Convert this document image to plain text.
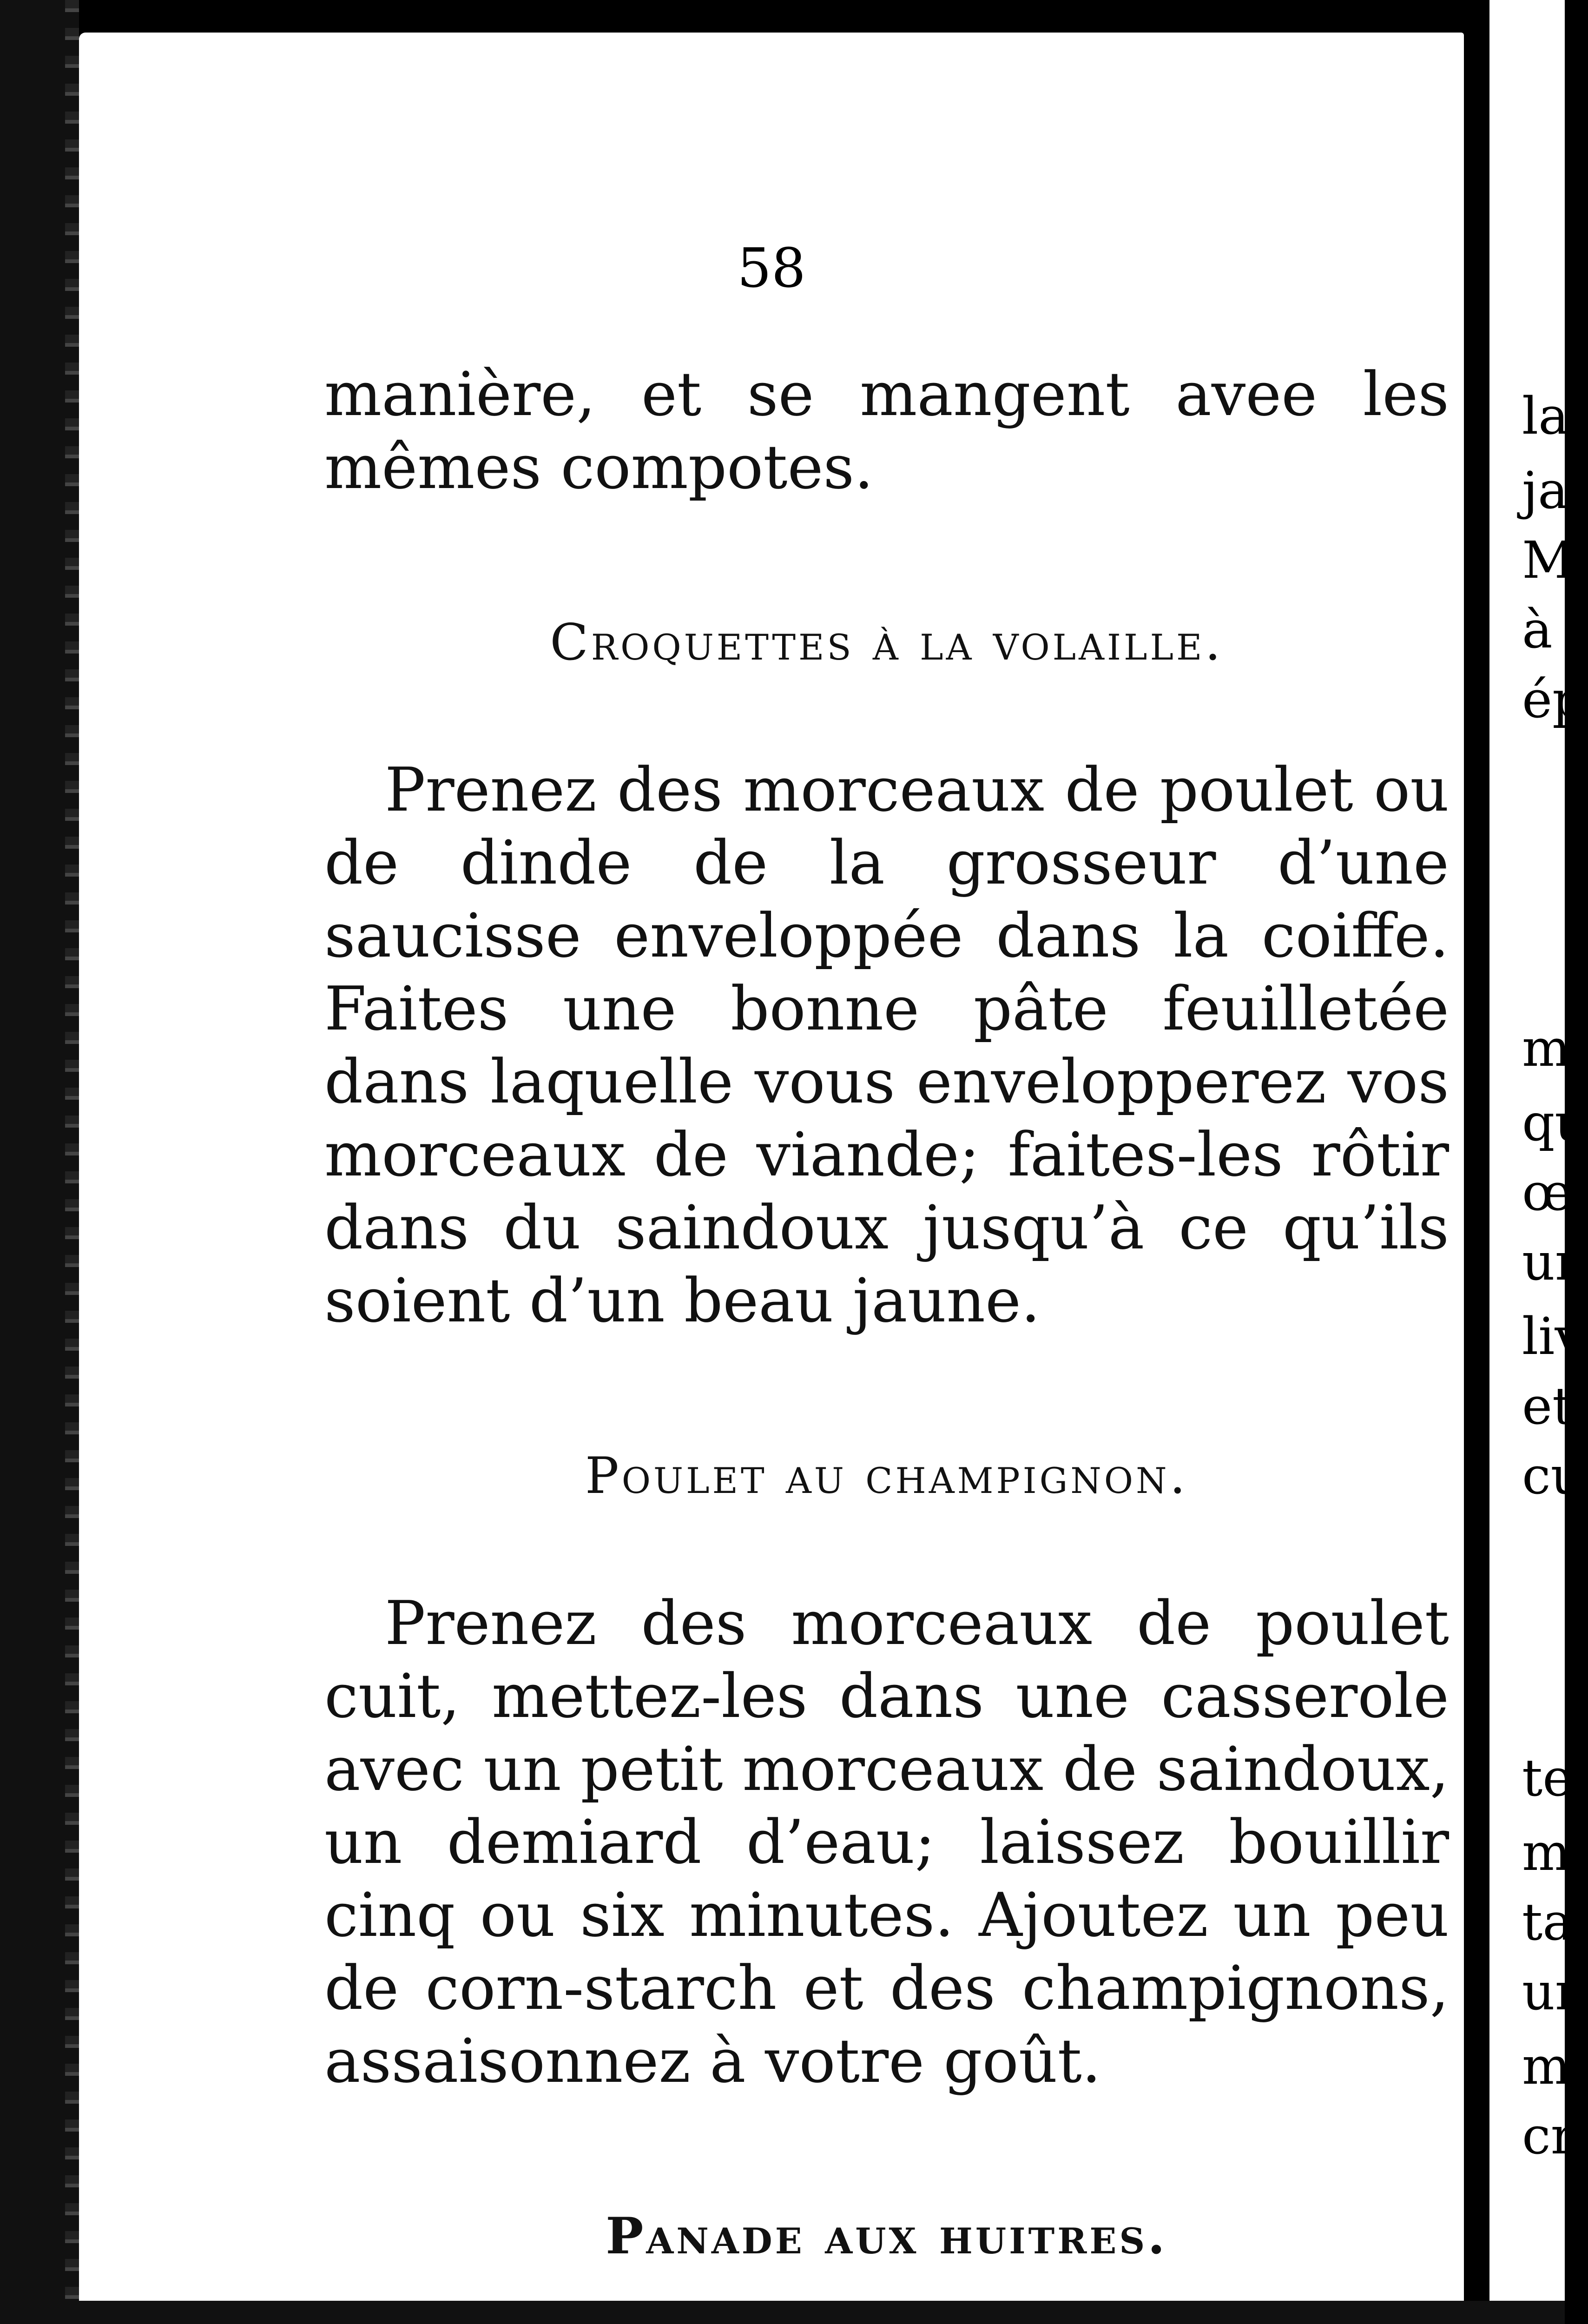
58

manière, et se mangent avee les mêmes compotes.

Croquettes à la volaille.

Prenez des morceaux de poulet ou de dinde de la grosseur d’une saucisse enveloppée dans la coiffe. Faites une bonne pâte feuilletée dans laquelle vous envelopperez vos morceaux de viande; faites-les rôtir dans du saindoux jusqu’à ce qu’ils soient d’un beau jaune.

Poulet au champignon.

Prenez des morceaux de poulet cuit, mettez-les dans une casserole avec un petit morceaux de saindoux, un demiard d’eau; laissez bouillir cinq ou six minutes. Ajoutez un peu de corn-starch et des champignons, assaisonnez à votre goût.

Panade aux huitres.

la
ja
M
à
ép
m
qu
œ
un
liv
et
cu
te
m
ta
un
m
cr
